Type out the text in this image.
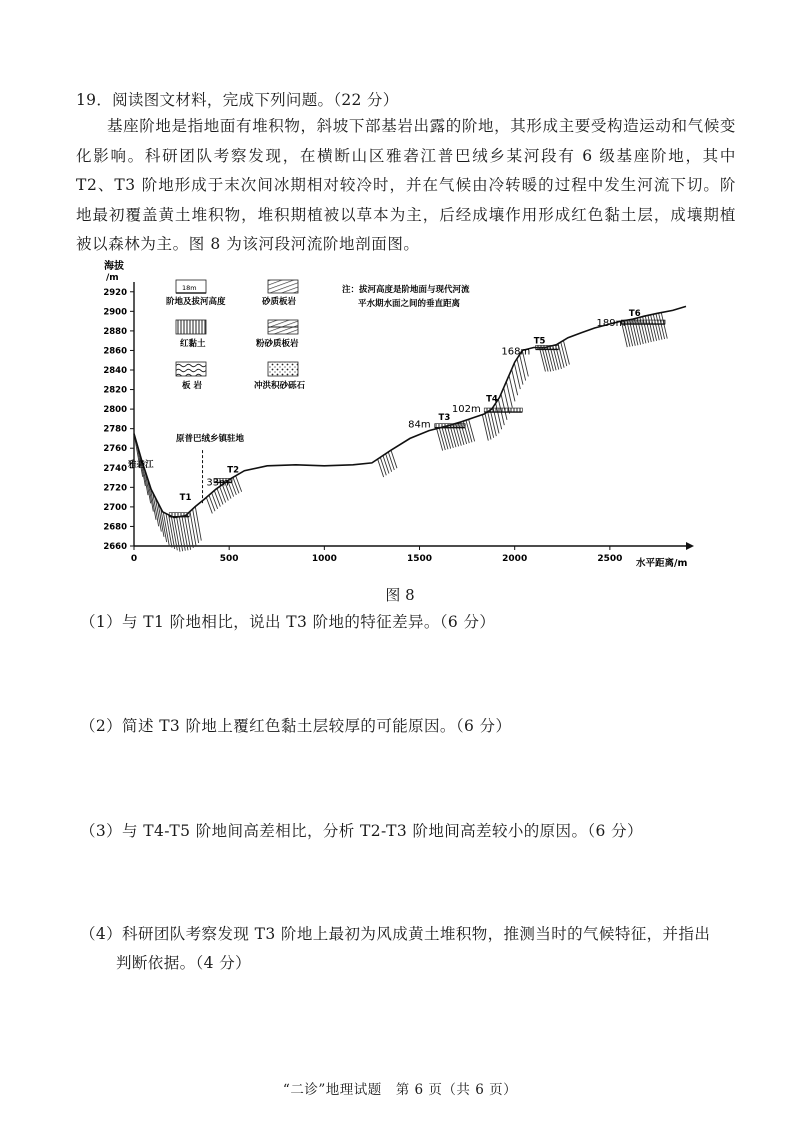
19．阅读图文材料，完成下列问题。（22 分）

基座阶地是指地面有堆积物，斜坡下部基岩出露的阶地，其形成主要受构造运动和气候变化影响。科研团队考察发现，在横断山区雅砻江普巴绒乡某河段有 6 级基座阶地，其中 T2、T3 阶地形成于末次间冰期相对较冷时，并在气候由冷转暖的过程中发生河流下切。阶地最初覆盖黄土堆积物，堆积期植被以草本为主，后经成壤作用形成红色黏土层，成壤期植被以森林为主。图 8 为该河段河流阶地剖面图。

海拔
/m
水平距离/m
2660
2680
2700
2720
2740
2760
2780
2800
2820
2840
2860
2880
2900
2920
0	500	1000	1500	2000	2500
18m
阶地及拔河高度	砂质板岩
红黏土	粉砂质板岩
板 岩	冲洪积砂砾石
注：拔河高度是阶地面与现代河流
平水期水面之间的垂直距离
原普巴绒乡镇驻地
雅砻江
T1
T2
33m
T3
84m
T4
102m
T5
168m
T6
189m
图 8
（1）与 T1 阶地相比，说出 T3 阶地的特征差异。（6 分）
（2）简述 T3 阶地上覆红色黏土层较厚的可能原因。（6 分）
（3）与 T4-T5 阶地间高差相比，分析 T2-T3 阶地间高差较小的原因。（6 分）
（4）科研团队考察发现 T3 阶地上最初为风成黄土堆积物，推测当时的气候特征，并指出
判断依据。（4 分）
“二诊”地理试题　第 6 页（共 6 页）
